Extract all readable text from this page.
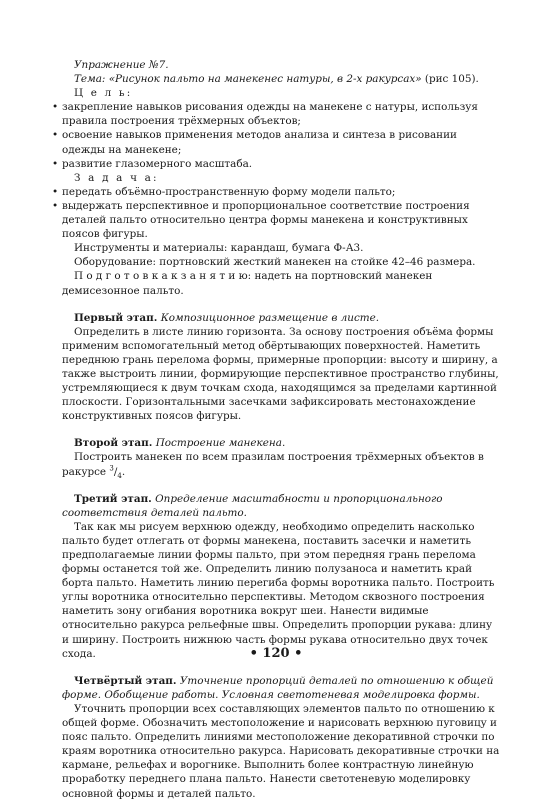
Упражнение №7.

Тема: «Рисунок пальто на манекенес натуры, в 2-х ракурсах» (рис 105).

Ц е л ь:

• закрепление навыков рисования одежды на манекене с натуры, используя правила построения трёхмерных объектов;
• освоение навыков применения методов анализа и синтеза в рисовании одежды на манекене;
• развитие глазомерного масштаба.

З а д а ч а:

• передать объёмно-пространственную форму модели пальто;
• выдержать перспективное и пропорциональное соответствие построения деталей пальто относительно центра формы манекена и конструктивных поясов фигуры.

Инструменты и материалы: карандаш, бумага Ф-А3.

Оборудование: портновский жесткий манекен на стойке 42–46 размера.

П о д г о т о в к а к з а н я т и ю: надеть на портновский манекен демисезонное пальто.

Первый этап. Композиционное размещение в листе.

Определить в листе линию горизонта. За основу построения объёма формы применим вспомогательный метод обёртывающих поверхностей. Наметить переднюю грань перелома формы, примерные пропорции: высоту и ширину, а также выстроить линии, формирующие перспективное пространство глубины, устремляющиеся к двум точкам схода, находящимся за пределами картинной плоскости. Горизонтальными засечками зафиксировать местонахождение конструктивных поясов фигуры.

Второй этап. Построение манекена.

Построить манекен по всем празилам построения трёхмерных объектов в ракурсе $^3/_4$.

Третий этап. Определение масштабности и пропорционального соответствия деталей пальто.

Так как мы рисуем верхнюю одежду, необходимо определить насколько пальто будет отлегать от формы манекена, поставить засечки и наметить предполагаемые линии формы пальто, при этом передняя грань перелома формы останется той же. Определить линию полузаноса и наметить край борта пальто. Наметить линию перегиба формы воротника пальто. Построить углы воротника относительно перспективы. Методом сквозного построения наметить зону огибания воротника вокруг шеи. Нанести видимые относительно ракурса рельефные швы. Определить пропорции рукава: длину и ширину. Построить нижнюю часть формы рукава относительно двух точек схода.

Четвёртый этап. Уточнение пропорций деталей по отношению к общей форме. Обобщение работы. Условная светотеневая моделировка формы.

Уточнить пропорции всех составляющих элементов пальто по отношению к общей форме. Обозначить местоположение и нарисовать верхнюю пуговицу и пояс пальто. Определить линиями местоположение декоративной строчки по краям воротника относительно ракурса. Нарисовать декоративные строчки на кармане, рельефах и ворогнике. Выполнить более контрастную линейную проработку переднего плана пальто. Нанести светотеневую моделировку основной формы и деталей пальто.

• 120 •
